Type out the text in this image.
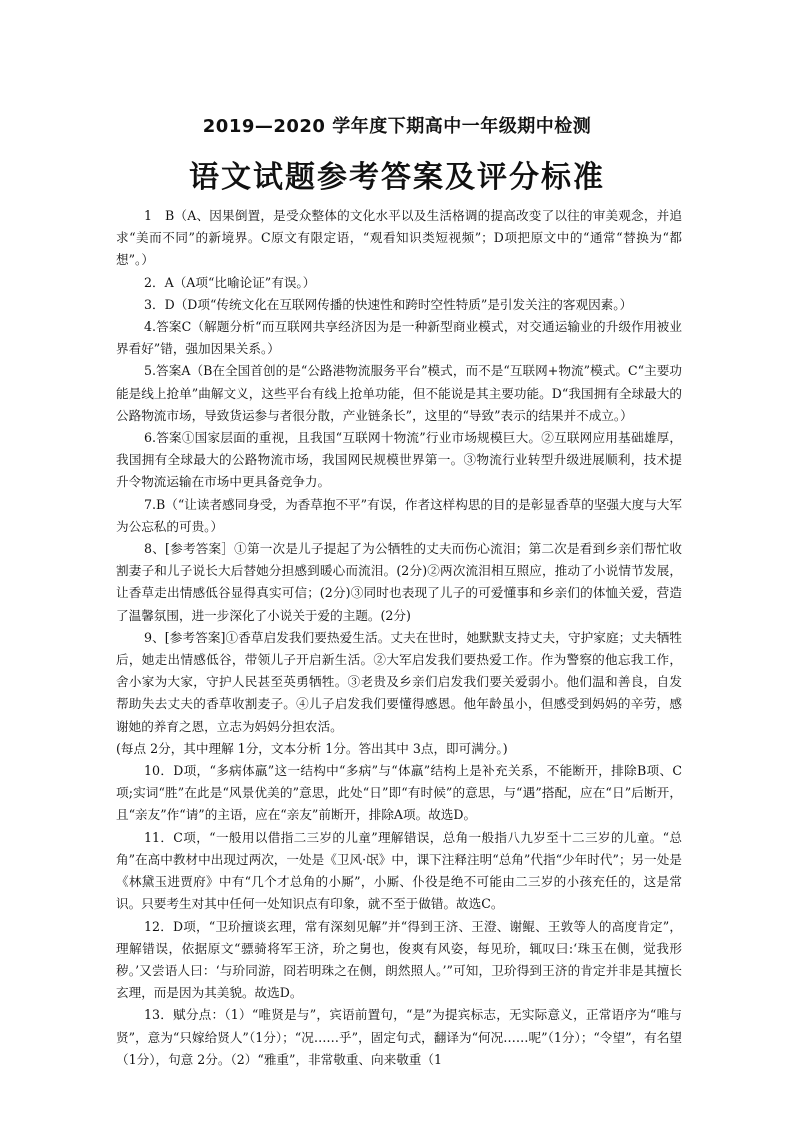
2019—2020 学年度下期高中一年级期中检测
语文试题参考答案及评分标准

1　B（A、因果倒置，是受众整体的文化水平以及生活格调的提高改变了以往的审美观念，并追求“美而不同”的新境界。C原文有限定语，“观看知识类短视频”；D项把原文中的“通常“替换为“都想”。）

2．A（A项“比喻论证”有误。）

3．D（D项“传统文化在互联网传播的快速性和跨时空性特质”是引发关注的客观因素。）

4.答案C（解题分析“而互联网共享经济因为是一种新型商业模式，对交通运输业的升级作用被业界看好”错，强加因果关系。）

5.答案A（B在全国首创的是“公路港物流服务平台”模式，而不是“互联网+物流”模式。C“主要功能是线上抢单”曲解文义，这些平台有线上抢单功能，但不能说是其主要功能。D“我国拥有全球最大的公路物流市场，导致货运参与者很分散，产业链条长”，这里的“导致”表示的结果并不成立。）

6.答案①国家层面的重视，且我国“互联网十物流”行业市场规模巨大。②互联网应用基础雄厚，我国拥有全球最大的公路物流市场，我国网民规模世界第一。③物流行业转型升级进展顺利，技术提升令物流运输在市场中更具备竞争力。

7.B（“让读者感同身受，为香草抱不平”有误，作者这样构思的目的是彰显香草的坚强大度与大军为公忘私的可贵。）

8、[参考答案］①第一次是儿子提起了为公牺牲的丈夫而伤心流泪；第二次是看到乡亲们帮忙收割妻子和儿子说长大后替她分担感到暖心而流泪。(2分)②两次流泪相互照应，推动了小说情节发展，让香草走出情感低谷显得真实可信；(2分)③同时也表现了儿子的可爱懂事和乡亲们的体恤关爱，营造了温馨氛围，进一步深化了小说关于爱的主题。(2分)

9、[参考答案]①香草启发我们要热爱生活。丈夫在世时，她默默支持丈夫，守护家庭；丈夫牺牲后，她走出情感低谷，带领儿子开启新生活。②大军启发我们要热爱工作。作为警察的他忘我工作，舍小家为大家，守护人民甚至英勇牺牲。③老贵及乡亲们启发我们要关爱弱小。他们温和善良，自发帮助失去丈夫的香草收割麦子。④儿子启发我们要懂得感恩。他年龄虽小，但感受到妈妈的辛劳，感谢她的养育之恩，立志为妈妈分担农活。

(每点 2分，其中理解 1分，文本分析 1分。答出其中 3点，即可满分。)

10．D项，“多病体羸”这一结构中“多病”与“体羸”结构上是补充关系，不能断开，排除B项、C项;实词“胜”在此是“风景优美的”意思，此处“日”即“有时候”的意思，与“遇”搭配，应在“日”后断开，且“亲友”作“请”的主语，应在“亲友”前断开，排除A项。故选D。

11．C项，“一般用以借指二三岁的儿童”理解错误，总角一般指八九岁至十二三岁的儿童。“总角”在高中教材中出现过两次，一处是《卫风·氓》中，课下注释注明“总角”代指“少年时代”；另一处是《林黛玉进贾府》中有“几个才总角的小厮”，小厮、仆役是绝不可能由二三岁的小孩充任的，这是常识。只要考生对其中任何一处知识点有印象，就不至于做错。故选C。

12．D项，“卫玠擅谈玄理，常有深刻见解”并“得到王济、王澄、谢鲲、王敦等人的高度肯定”，理解错误，依据原文“骠骑将军王济，玠之舅也，俊爽有风姿，每见玠，辄叹曰:‘珠玉在侧，觉我形秽。’又尝语人曰：‘与玠同游，冏若明珠之在侧，朗然照人。’”可知，卫玠得到王济的肯定并非是其擅长玄理，而是因为其美貌。故选D。

13．赋分点：（1）“唯贤是与”，宾语前置句，“是”为提宾标志，无实际意义，正常语序为“唯与贤”，意为“只嫁给贤人”（1分）；“况……乎”，固定句式，翻译为“何况……呢”（1分）；“令望”，有名望（1分），句意 2分。（2）“雅重”，非常敬重、向来敬重（1
